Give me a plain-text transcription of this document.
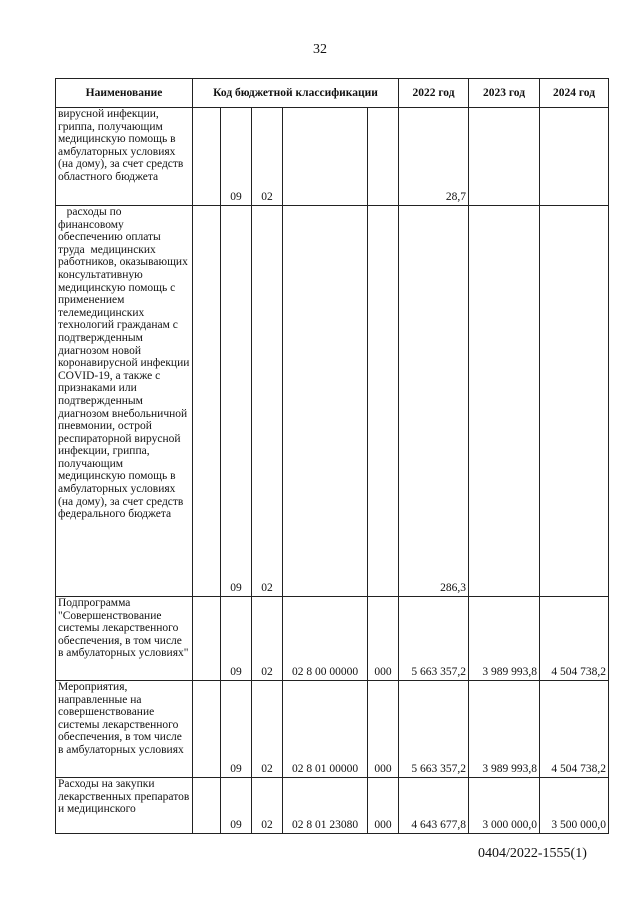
32
Наименование	Код бюджетной классификации					2022 год	2023 год	2024 год
вирусной инфекции, гриппа, получающим медицинскую помощь в амбулаторных условиях (на дому), за счет средств областного бюджета		09	02			28,7		
расходы по финансовому обеспечению оплаты труда  медицинских работников, оказывающих консультативную медицинскую помощь с применением телемедицинских технологий гражданам с подтвержденным диагнозом новой коронавирусной инфекции COVID-19, а также с признаками или подтвержденным диагнозом внебольничной пневмонии, острой респираторной вирусной инфекции, гриппа, получающим медицинскую помощь в амбулаторных условиях (на дому), за счет средств федерального бюджета		09	02			286,3		
Подпрограмма "Совершенствование системы лекарственного обеспечения, в том числе в амбулаторных условиях"		09	02	02 8 00 00000	000	5 663 357,2	3 989 993,8	4 504 738,2
Мероприятия, направленные на совершенствование системы лекарственного обеспечения, в том числе в амбулаторных условиях		09	02	02 8 01 00000	000	5 663 357,2	3 989 993,8	4 504 738,2
Расходы на закупки лекарственных препаратов и медицинского		09	02	02 8 01 23080	000	4 643 677,8	3 000 000,0	3 500 000,0
0404/2022-1555(1)
